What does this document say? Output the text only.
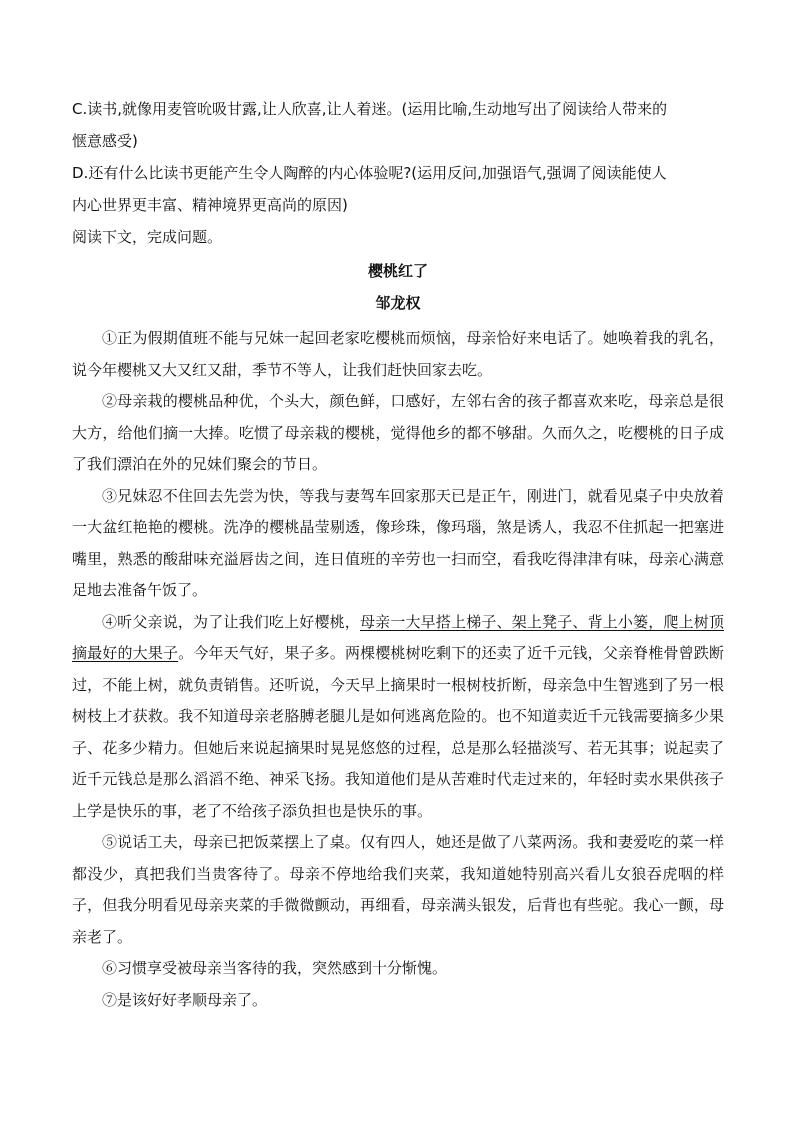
C.读书,就像用麦管吮吸甘露,让人欣喜,让人着迷。(运用比喻,生动地写出了阅读给人带来的

惬意感受)

D.还有什么比读书更能产生令人陶醉的内心体验呢?(运用反问,加强语气,强调了阅读能使人

内心世界更丰富、精神境界更高尚的原因)

阅读下文，完成问题。

樱桃红了

邹龙权

①正为假期值班不能与兄妹一起回老家吃樱桃而烦恼，母亲恰好来电话了。她唤着我的乳名，说今年樱桃又大又红又甜，季节不等人，让我们赶快回家去吃。

②母亲栽的樱桃品种优，个头大，颜色鲜，口感好，左邻右舍的孩子都喜欢来吃，母亲总是很大方，给他们摘一大捧。吃惯了母亲栽的樱桃，觉得他乡的都不够甜。久而久之，吃樱桃的日子成了我们漂泊在外的兄妹们聚会的节日。

③兄妹忍不住回去先尝为快，等我与妻驾车回家那天已是正午，刚进门，就看见桌子中央放着一大盆红艳艳的樱桃。洗净的樱桃晶莹剔透，像珍珠，像玛瑙，煞是诱人，我忍不住抓起一把塞进嘴里，熟悉的酸甜味充溢唇齿之间，连日值班的辛劳也一扫而空，看我吃得津津有味，母亲心满意足地去准备午饭了。

④听父亲说，为了让我们吃上好樱桃，母亲一大早搭上梯子、架上凳子、背上小篓，爬上树顶摘最好的大果子。今年天气好，果子多。两棵樱桃树吃剩下的还卖了近千元钱，父亲脊椎骨曾跌断过，不能上树，就负责销售。还听说，今天早上摘果时一根树枝折断，母亲急中生智逃到了另一根树枝上才获救。我不知道母亲老胳膊老腿儿是如何逃离危险的。也不知道卖近千元钱需要摘多少果子、花多少精力。但她后来说起摘果时晃晃悠悠的过程，总是那么轻描淡写、若无其事；说起卖了近千元钱总是那么滔滔不绝、神采飞扬。我知道他们是从苦难时代走过来的，年轻时卖水果供孩子上学是快乐的事，老了不给孩子添负担也是快乐的事。

⑤说话工夫，母亲已把饭菜摆上了桌。仅有四人，她还是做了八菜两汤。我和妻爱吃的菜一样都没少，真把我们当贵客待了。母亲不停地给我们夹菜，我知道她特别高兴看儿女狼吞虎咽的样子，但我分明看见母亲夹菜的手微微颤动，再细看，母亲满头银发，后背也有些驼。我心一颤，母亲老了。

⑥习惯享受被母亲当客待的我，突然感到十分惭愧。

⑦是该好好孝顺母亲了。
